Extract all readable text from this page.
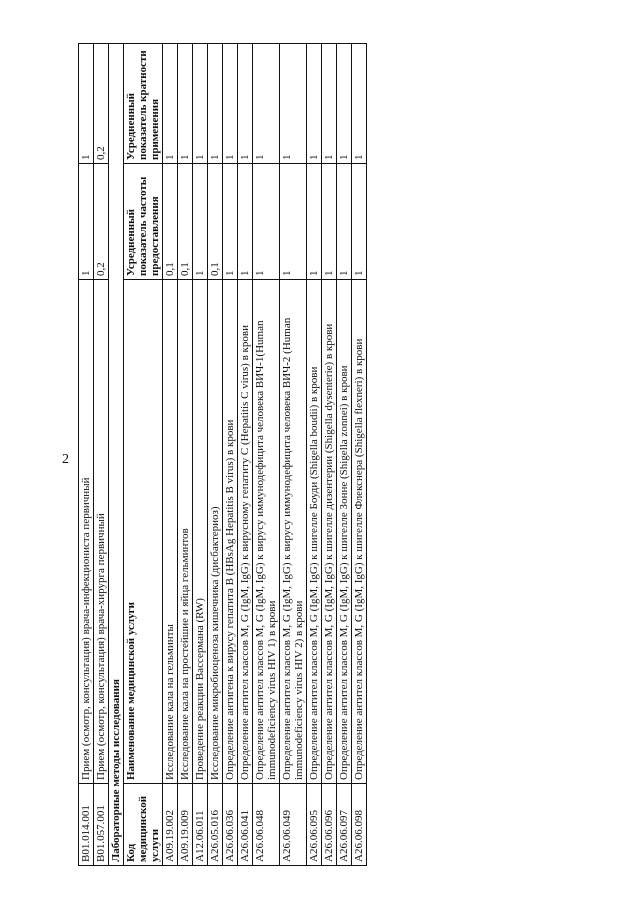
2
B01.014.001	Прием (осмотр, консультация) врача-инфекциониста первичный	1	1
B01.057.001	Прием (осмотр, консультация) врача-хирурга первичный	0,2	0,2
Лабораторные методы исследования			
Код медицинской услуги	Наименование медицинской услуги	Усредненный показатель частоты предоставления	Усредненный показатель кратности применения
A09.19.002	Исследование кала на гельминты	0,1	1
A09.19.009	Исследование кала на простейшие и яйца гельминтов	0,1	1
A12.06.011	Проведение реакции Вассермана (RW)	1	1
A26.05.016	Исследование микробиоценоза кишечника (дисбактериоз)	0,1	1
A26.06.036	Определение антигена к вирусу гепатита B (HBsAg Hepatitis B virus) в крови	1	1
A26.06.041	Определение антител классов M, G (IgM, IgG) к вирусному гепатиту C (Hepatitis C virus) в крови	1	1
A26.06.048	Определение антител классов M, G (IgM, IgG) к вирусу иммунодефицита человека ВИЧ-1(Human immunodeficiency virus HIV 1) в крови	1	1
A26.06.049	Определение антител классов M, G (IgM, IgG) к вирусу иммунодефицита человека ВИЧ-2 (Human immunodeficiency virus HIV 2) в крови	1	1
A26.06.095	Определение антител классов M, G (IgM, IgG) к шигелле Боуди (Shigella boudii) в крови	1	1
A26.06.096	Определение антител классов M, G (IgM, IgG) к шигелле дизентерии (Shigella dysenterie) в крови	1	1
A26.06.097	Определение антител классов M, G (IgM, IgG) к шигелле Зонне (Shigella zonnei) в крови	1	1
A26.06.098	Определение антител классов M, G (IgM, IgG) к шигелле Флекснера (Shigella flexneri) в крови	1	1
